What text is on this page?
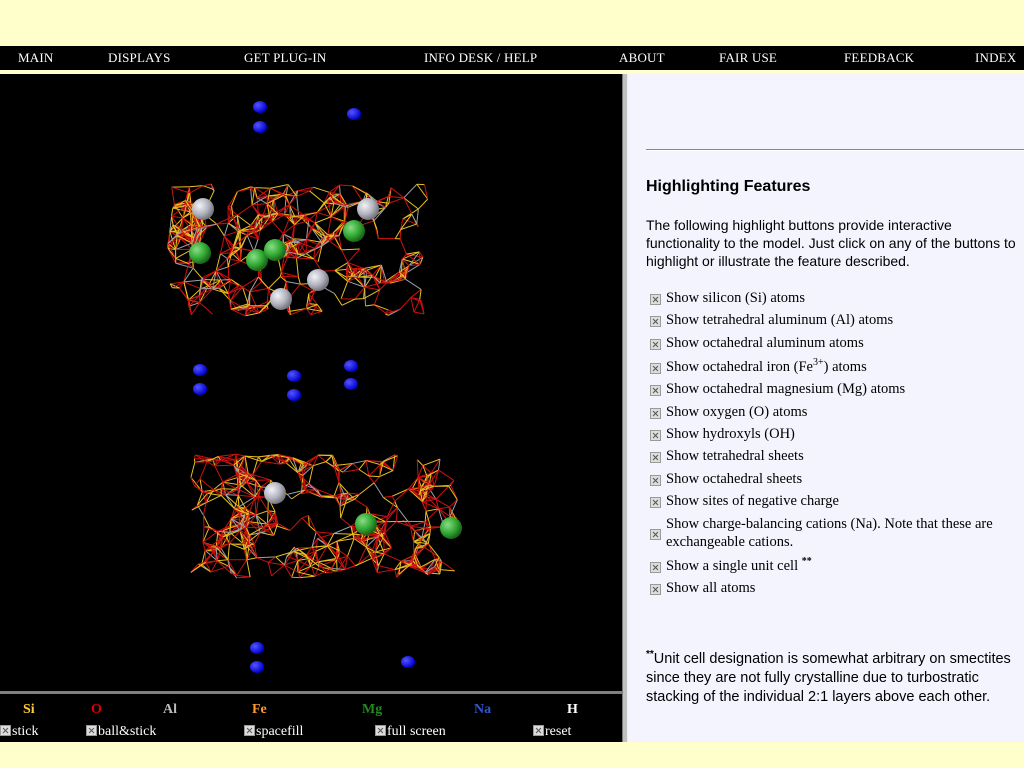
MAIN	DISPLAYS	GET PLUG-IN	INFO DESK / HELP	ABOUT	FAIR USE	FEEDBACK	INDEX
Si	O	Al	Fe	Mg	Na	H
stick	ball&stick	spacefill	full screen	reset
Highlighting Features
The following highlight buttons provide interactive functionality to the model. Just click on any of the buttons to highlight or illustrate the feature described.
Show silicon (Si) atoms
Show tetrahedral aluminum (Al) atoms
Show octahedral aluminum atoms
Show octahedral iron $(Fe^{3+})$ atoms
Show octahedral magnesium (Mg) atoms
Show oxygen (O) atoms
Show hydroxyls (OH)
Show tetrahedral sheets
Show octahedral sheets
Show sites of negative charge
Show charge-balancing cations (Na). Note that these are exchangeable cations.
Show a single unit cell **
Show all atoms
**Unit cell designation is somewhat arbitrary on smectites since they are not fully crystalline due to turbostratic stacking of the individual 2:1 layers above each other.
